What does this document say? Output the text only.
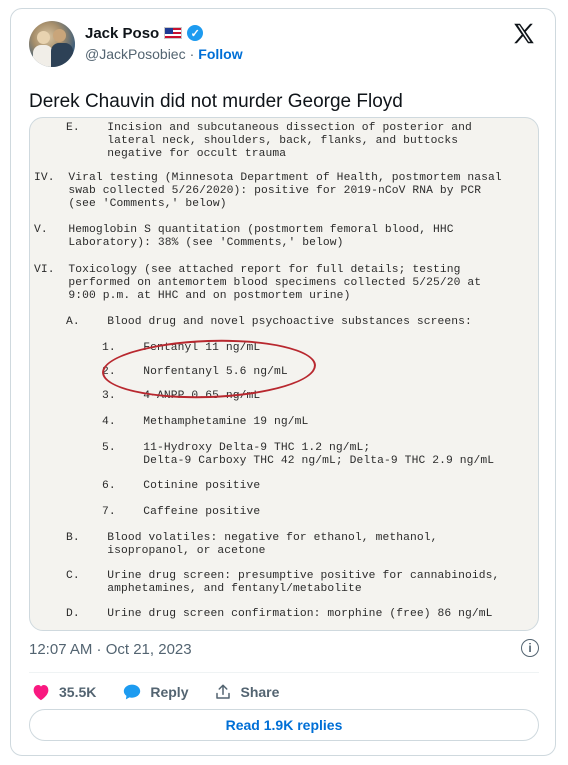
Jack Poso	✓
@JackPosobiec · Follow
Derek Chauvin did not murder George Floyd
E.    Incision and subcutaneous dissection of posterior and
lateral neck, shoulders, back, flanks, and buttocks
negative for occult trauma
IV.  Viral testing (Minnesota Department of Health, postmortem nasal
swab collected 5/26/2020): positive for 2019-nCoV RNA by PCR
(see 'Comments,' below)
V.   Hemoglobin S quantitation (postmortem femoral blood, HHC
Laboratory): 38% (see 'Comments,' below)
VI.  Toxicology (see attached report for full details; testing
performed on antemortem blood specimens collected 5/25/20 at
9:00 p.m. at HHC and on postmortem urine)
A.    Blood drug and novel psychoactive substances screens:
1.    Fentanyl 11 ng/mL
2.    Norfentanyl 5.6 ng/mL
3.    4-ANPP 0.65 ng/mL
4.    Methamphetamine 19 ng/mL
5.    11-Hydroxy Delta-9 THC 1.2 ng/mL;
Delta-9 Carboxy THC 42 ng/mL; Delta-9 THC 2.9 ng/mL
6.    Cotinine positive
7.    Caffeine positive
B.    Blood volatiles: negative for ethanol, methanol,
isopropanol, or acetone
C.    Urine drug screen: presumptive positive for cannabinoids,
amphetamines, and fentanyl/metabolite
D.    Urine drug screen confirmation: morphine (free) 86 ng/mL
12:07 AM · Oct 21, 2023	i
35.5K	Reply	Share
Read 1.9K replies
